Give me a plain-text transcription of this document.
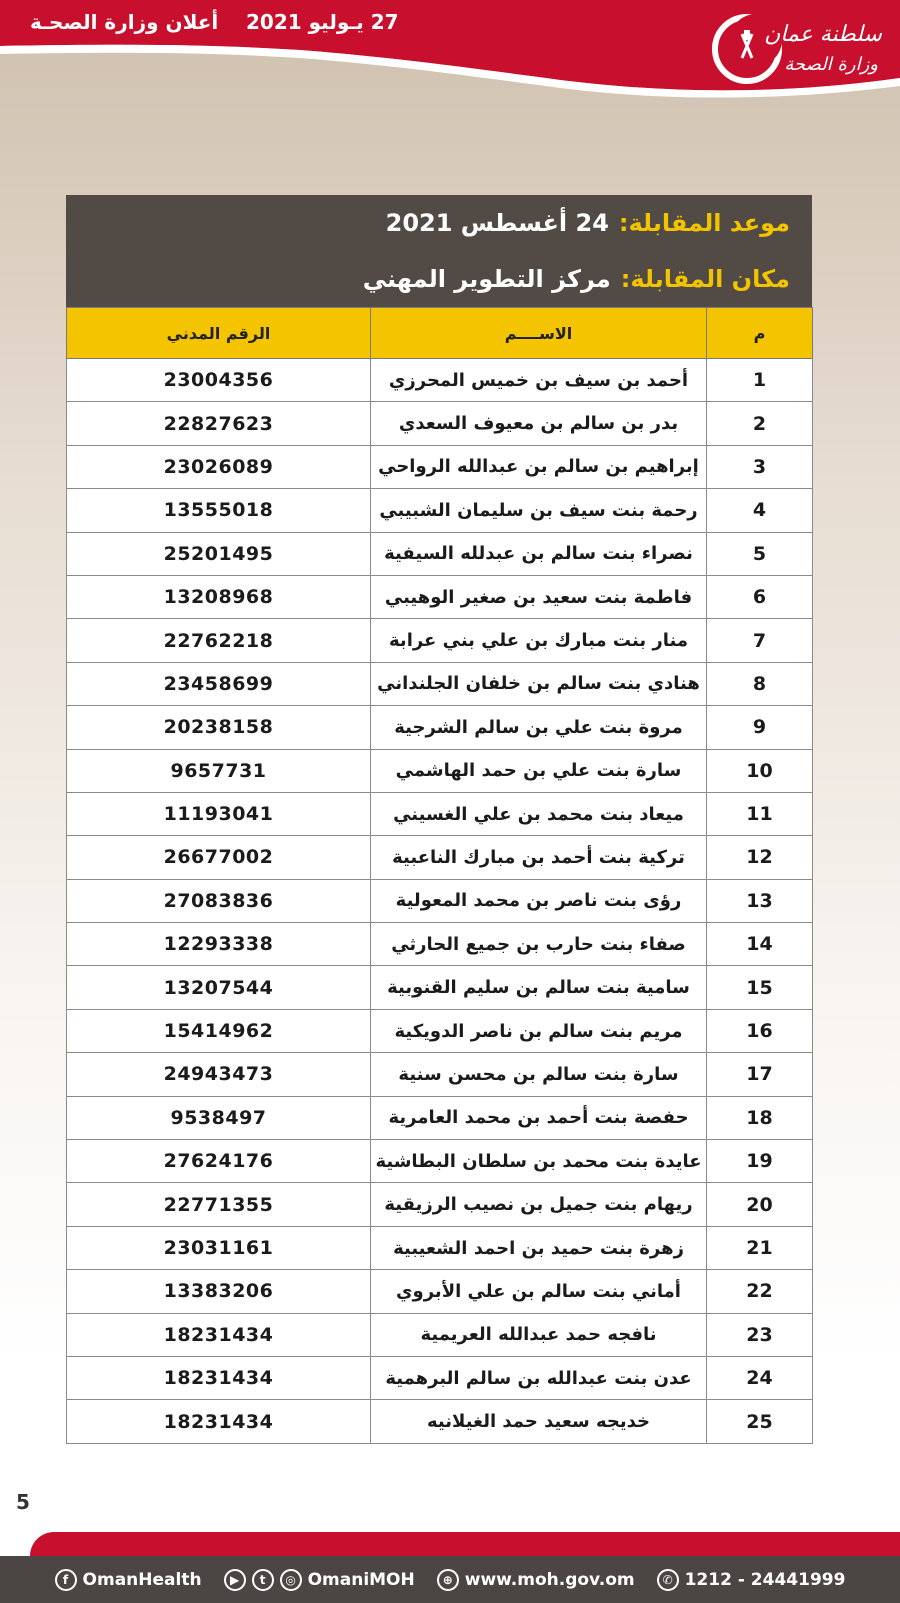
27 يـوليو 2021
أعلان وزارة الصحـة	سلطنة عمان
وزارة الصحة
موعد المقابلة:
24 أغسطس 2021
مكان المقابلة:
مركز التطوير المهني
م	الاســــم	الرقم المدني
1	أحمد بن سيف بن خميس المحرزي	23004356
2	بدر بن سالم بن معيوف السعدي	22827623
3	إبراهيم بن سالم بن عبدالله الرواحي	23026089
4	رحمة بنت سيف بن سليمان الشبيبي	13555018
5	نصراء بنت سالم بن عبدلله السيفية	25201495
6	فاطمة بنت سعيد بن صغير الوهيبي	13208968
7	منار بنت مبارك بن علي بني عرابة	22762218
8	هنادي بنت سالم بن خلفان الجلنداني	23458699
9	مروة بنت علي بن سالم الشرجية	20238158
10	سارة بنت علي بن حمد الهاشمي	9657731
11	ميعاد بنت محمد بن علي الغسيني	11193041
12	تركية بنت أحمد بن مبارك الناعبية	26677002
13	رؤى بنت ناصر بن محمد المعولية	27083836
14	صفاء بنت حارب بن جميع الحارثي	12293338
15	سامية بنت سالم بن سليم القنوبية	13207544
16	مريم بنت سالم بن ناصر الدويكية	15414962
17	سارة بنت سالم بن محسن سنية	24943473
18	حفصة بنت أحمد بن محمد العامرية	9538497
19	عايدة بنت محمد بن سلطان البطاشية	27624176
20	ريهام بنت جميل بن نصيب الرزيقية	22771355
21	زهرة بنت حميد بن احمد الشعيبية	23031161
22	أماني بنت سالم بن علي الأبروي	13383206
23	نافجه حمد عبدالله العريمية	18231434
24	عدن بنت عبدالله بن سالم البرهمية	18231434
25	خديجه سعيد حمد الغيلانيه	18231434
5
f OmanHealth	▶	t	◎ OmaniMOH	⊕ www.moh.gov.om	✆ 1212 - 24441999
